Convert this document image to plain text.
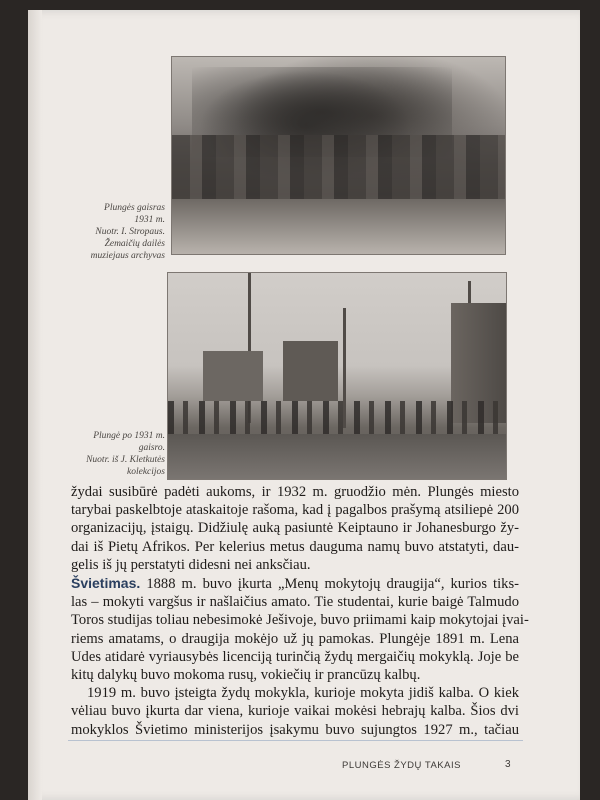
Plungės gaisras
1931 m.
Nuotr. I. Stropaus.
Žemaičių dailės
muziejaus archyvas
Plungė po 1931 m.
gaisro.
Nuotr. iš J. Kletkutės
kolekcijos
žydai susibūrė padėti aukoms, ir 1932 m. gruodžio mėn. Plungės miesto
tarybai paskelbtoje ataskaitoje rašoma, kad į pagalbos prašymą atsiliepė 200
organizacijų, įstaigų. Didžiulę auką pasiuntė Keiptauno ir Johanesburgo žy-
dai iš Pietų Afrikos. Per kelerius metus dauguma namų buvo atstatyti, dau-
gelis iš jų perstatyti didesni nei anksčiau.
Švietimas. 1888 m. buvo įkurta „Menų mokytojų draugija“, kurios tiks-
las – mokyti vargšus ir našlaičius amato. Tie studentai, kurie baigė Talmudo
Toros studijas toliau nebesimokė Ješivoje, buvo priimami kaip mokytojai įvai-
riems amatams, o draugija mokėjo už jų pamokas. Plungėje 1891 m. Lena
Udes atidarė vyriausybės licenciją turinčią žydų mergaičių mokyklą. Joje be
kitų dalykų buvo mokoma rusų, vokiečių ir prancūzų kalbų.
1919 m. buvo įsteigta žydų mokykla, kurioje mokyta jidiš kalba. O kiek
vėliau buvo įkurta dar viena, kurioje vaikai mokėsi hebrajų kalba. Šios dvi
mokyklos Švietimo ministerijos įsakymu buvo sujungtos 1927 m., tačiau
PLUNGĖS ŽYDŲ TAKAIS	3
